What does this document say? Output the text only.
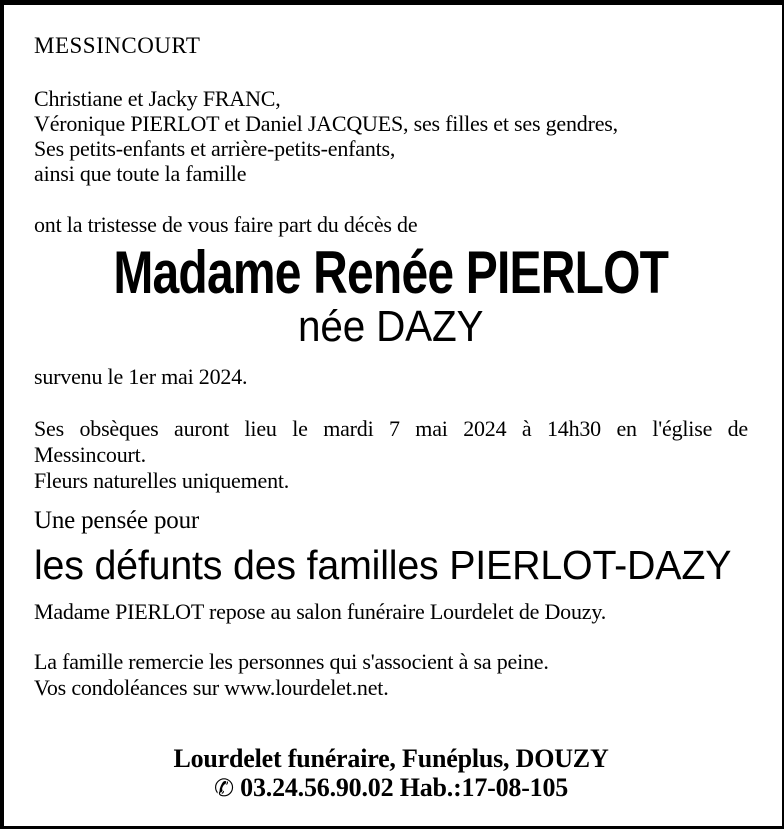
MESSINCOURT
Christiane et Jacky FRANC,
Véronique PIERLOT et Daniel JACQUES, ses filles et ses gendres,
Ses petits-enfants et arrière-petits-enfants,
ainsi que toute la famille
ont la tristesse de vous faire part du décès de
Madame Renée PIERLOT
née DAZY
survenu le 1er mai 2024.
Ses obsèques auront lieu le mardi 7 mai 2024 à 14h30 en l'église de
Messincourt.
Fleurs naturelles uniquement.
Une pensée pour
les défunts des familles PIERLOT-DAZY
Madame PIERLOT repose au salon funéraire Lourdelet de Douzy.
La famille remercie les personnes qui s'associent à sa peine.
Vos condoléances sur www.lourdelet.net.
Lourdelet funéraire, Funéplus, DOUZY
✆ 03.24.56.90.02 Hab.:17-08-105
